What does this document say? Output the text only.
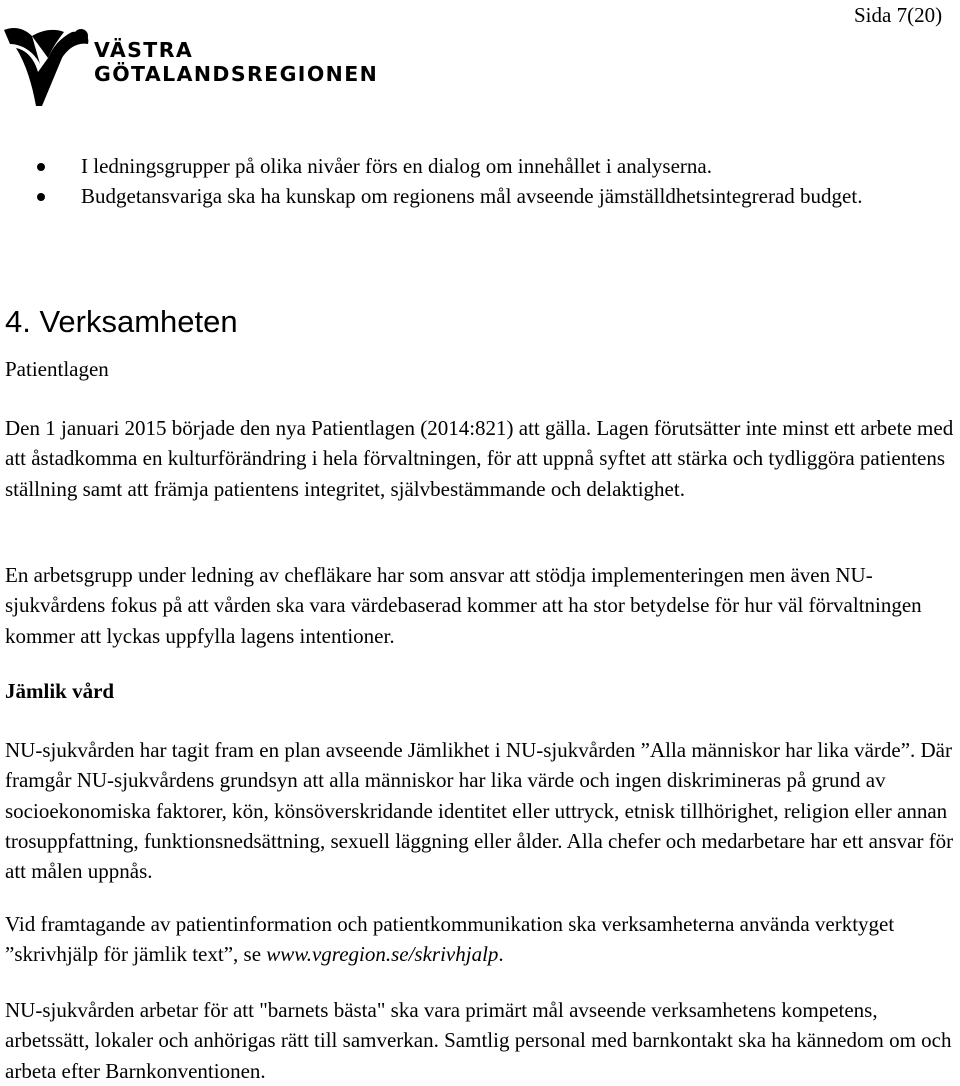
Sida 7(20)
VÄSTRA
GÖTALANDSREGIONEN
I ledningsgrupper på olika nivåer förs en dialog om innehållet i analyserna.
Budgetansvariga ska ha kunskap om regionens mål avseende jämställdhetsintegrerad budget.
4. Verksamheten
Patientlagen

Den 1 januari 2015 började den nya Patientlagen (2014:821) att gälla. Lagen förutsätter inte minst ett arbete med att åstadkomma en kulturförändring i hela förvaltningen, för att uppnå syftet att stärka och tydliggöra patientens ställning samt att främja patientens integritet, självbestämmande och delaktighet.

En arbetsgrupp under ledning av chefläkare har som ansvar att stödja implementeringen men även NU-sjukvårdens fokus på att vården ska vara värdebaserad kommer att ha stor betydelse för hur väl förvaltningen kommer att lyckas uppfylla lagens intentioner.

Jämlik vård

NU-sjukvården har tagit fram en plan avseende Jämlikhet i NU-sjukvården ”Alla människor har lika värde”. Där framgår NU-sjukvårdens grundsyn att alla människor har lika värde och ingen diskrimineras på grund av socioekonomiska faktorer, kön, könsöverskridande identitet eller uttryck, etnisk tillhörighet, religion eller annan trosuppfattning, funktionsnedsättning, sexuell läggning eller ålder. Alla chefer och medarbetare har ett ansvar för att målen uppnås.

Vid framtagande av patientinformation och patientkommunikation ska verksamheterna använda verktyget ”skrivhjälp för jämlik text”, se www.vgregion.se/skrivhjalp.

NU-sjukvården arbetar för att "barnets bästa" ska vara primärt mål avseende verksamhetens kompetens, arbetssätt, lokaler och anhörigas rätt till samverkan. Samtlig personal med barnkontakt ska ha kännedom om och arbeta efter Barnkonventionen.
